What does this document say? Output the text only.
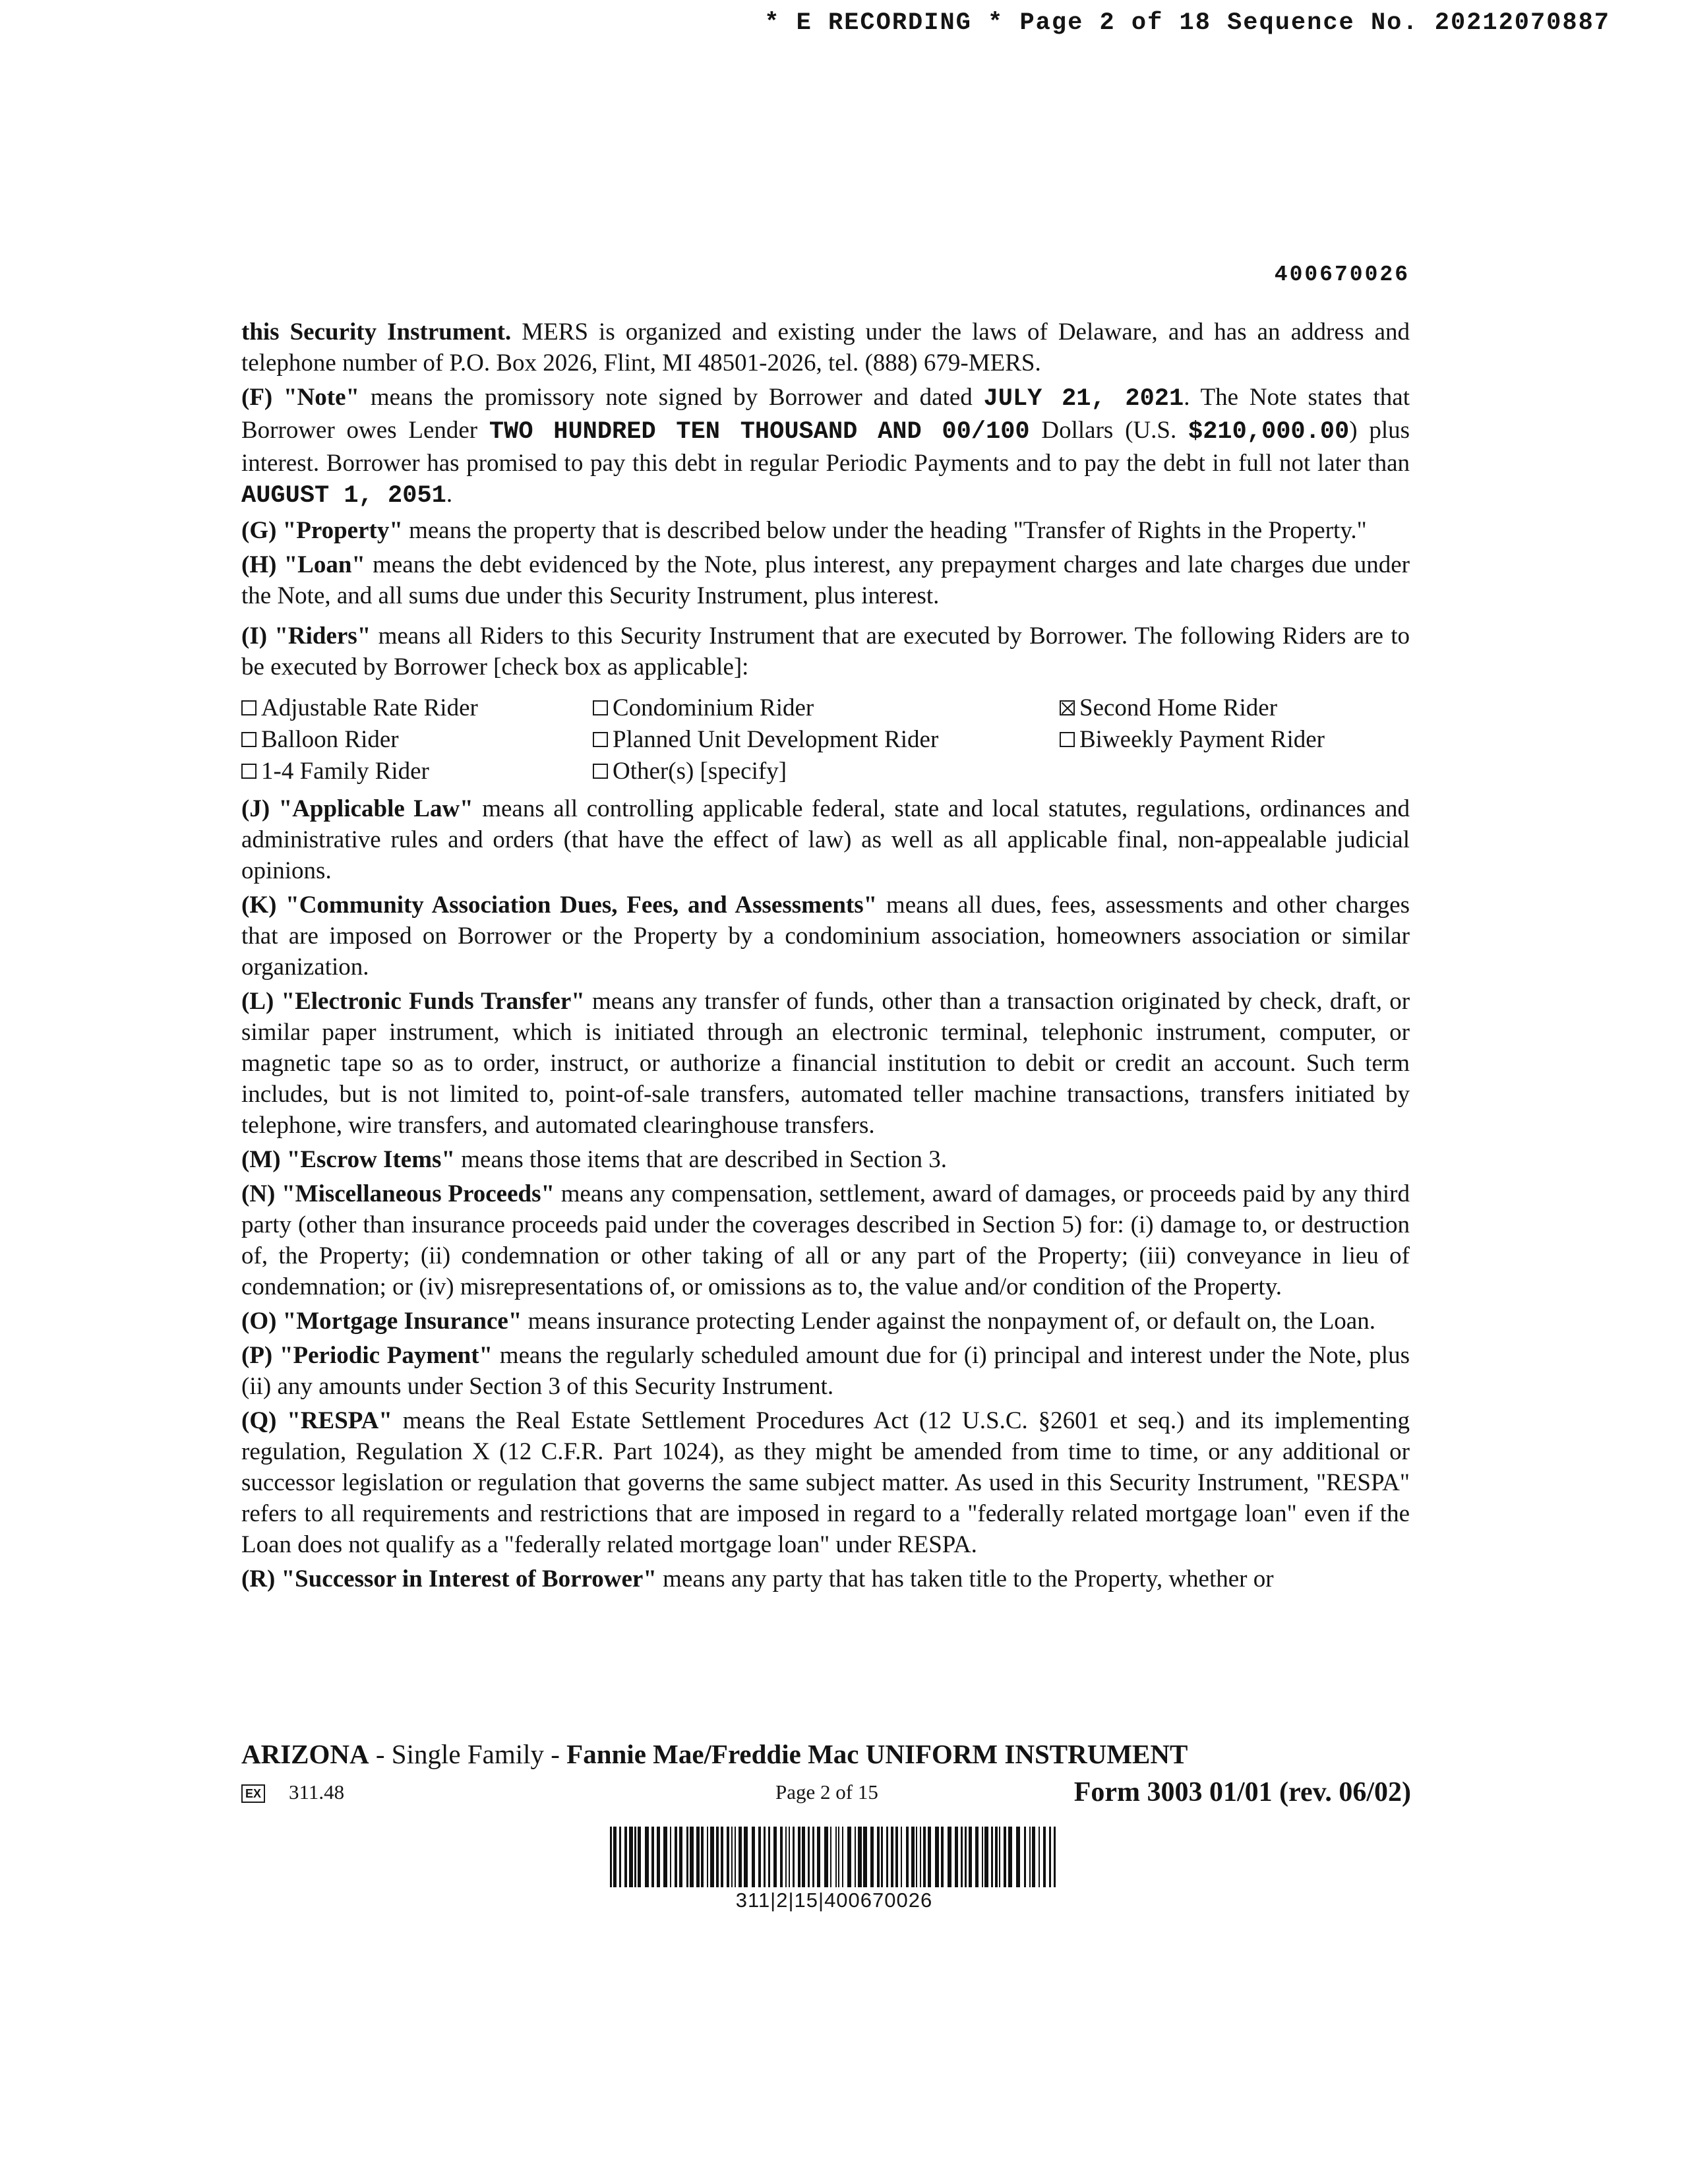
* E RECORDING * Page 2 of 18 Sequence No. 20212070887
400670026

this Security Instrument. MERS is organized and existing under the laws of Delaware, and has an address and telephone number of P.O. Box 2026, Flint, MI 48501-2026, tel. (888) 679-MERS.

(F) "Note" means the promissory note signed by Borrower and dated JULY 21, 2021. The Note states that Borrower owes Lender TWO HUNDRED TEN THOUSAND AND 00/100 Dollars (U.S. $210,000.00) plus interest. Borrower has promised to pay this debt in regular Periodic Payments and to pay the debt in full not later than AUGUST 1, 2051.

(G) "Property" means the property that is described below under the heading "Transfer of Rights in the Property."

(H) "Loan" means the debt evidenced by the Note, plus interest, any prepayment charges and late charges due under the Note, and all sums due under this Security Instrument, plus interest.

(I) "Riders" means all Riders to this Security Instrument that are executed by Borrower. The following Riders are to be executed by Borrower [check box as applicable]:

Adjustable Rate Rider
Balloon Rider
1-4 Family Rider
Condominium Rider
Planned Unit Development Rider
Other(s) [specify]
Second Home Rider
Biweekly Payment Rider

(J) "Applicable Law" means all controlling applicable federal, state and local statutes, regulations, ordinances and administrative rules and orders (that have the effect of law) as well as all applicable final, non-appealable judicial opinions.

(K) "Community Association Dues, Fees, and Assessments" means all dues, fees, assessments and other charges that are imposed on Borrower or the Property by a condominium association, homeowners association or similar organization.

(L) "Electronic Funds Transfer" means any transfer of funds, other than a transaction originated by check, draft, or similar paper instrument, which is initiated through an electronic terminal, telephonic instrument, computer, or magnetic tape so as to order, instruct, or authorize a financial institution to debit or credit an account. Such term includes, but is not limited to, point-of-sale transfers, automated teller machine transactions, transfers initiated by telephone, wire transfers, and automated clearinghouse transfers.

(M) "Escrow Items" means those items that are described in Section 3.

(N) "Miscellaneous Proceeds" means any compensation, settlement, award of damages, or proceeds paid by any third party (other than insurance proceeds paid under the coverages described in Section 5) for: (i) damage to, or destruction of, the Property; (ii) condemnation or other taking of all or any part of the Property; (iii) conveyance in lieu of condemnation; or (iv) misrepresentations of, or omissions as to, the value and/or condition of the Property.

(O) "Mortgage Insurance" means insurance protecting Lender against the nonpayment of, or default on, the Loan.

(P) "Periodic Payment" means the regularly scheduled amount due for (i) principal and interest under the Note, plus (ii) any amounts under Section 3 of this Security Instrument.

(Q) "RESPA" means the Real Estate Settlement Procedures Act (12 U.S.C. §2601 et seq.) and its implementing regulation, Regulation X (12 C.F.R. Part 1024), as they might be amended from time to time, or any additional or successor legislation or regulation that governs the same subject matter. As used in this Security Instrument, "RESPA" refers to all requirements and restrictions that are imposed in regard to a "federally related mortgage loan" even if the Loan does not qualify as a "federally related mortgage loan" under RESPA.

(R) "Successor in Interest of Borrower" means any party that has taken title to the Property, whether or

ARIZONA - Single Family - Fannie Mae/Freddie Mac UNIFORM INSTRUMENT
EX 311.48	Page 2 of 15	Form 3003 01/01 (rev. 06/02)
311|2|15|400670026
